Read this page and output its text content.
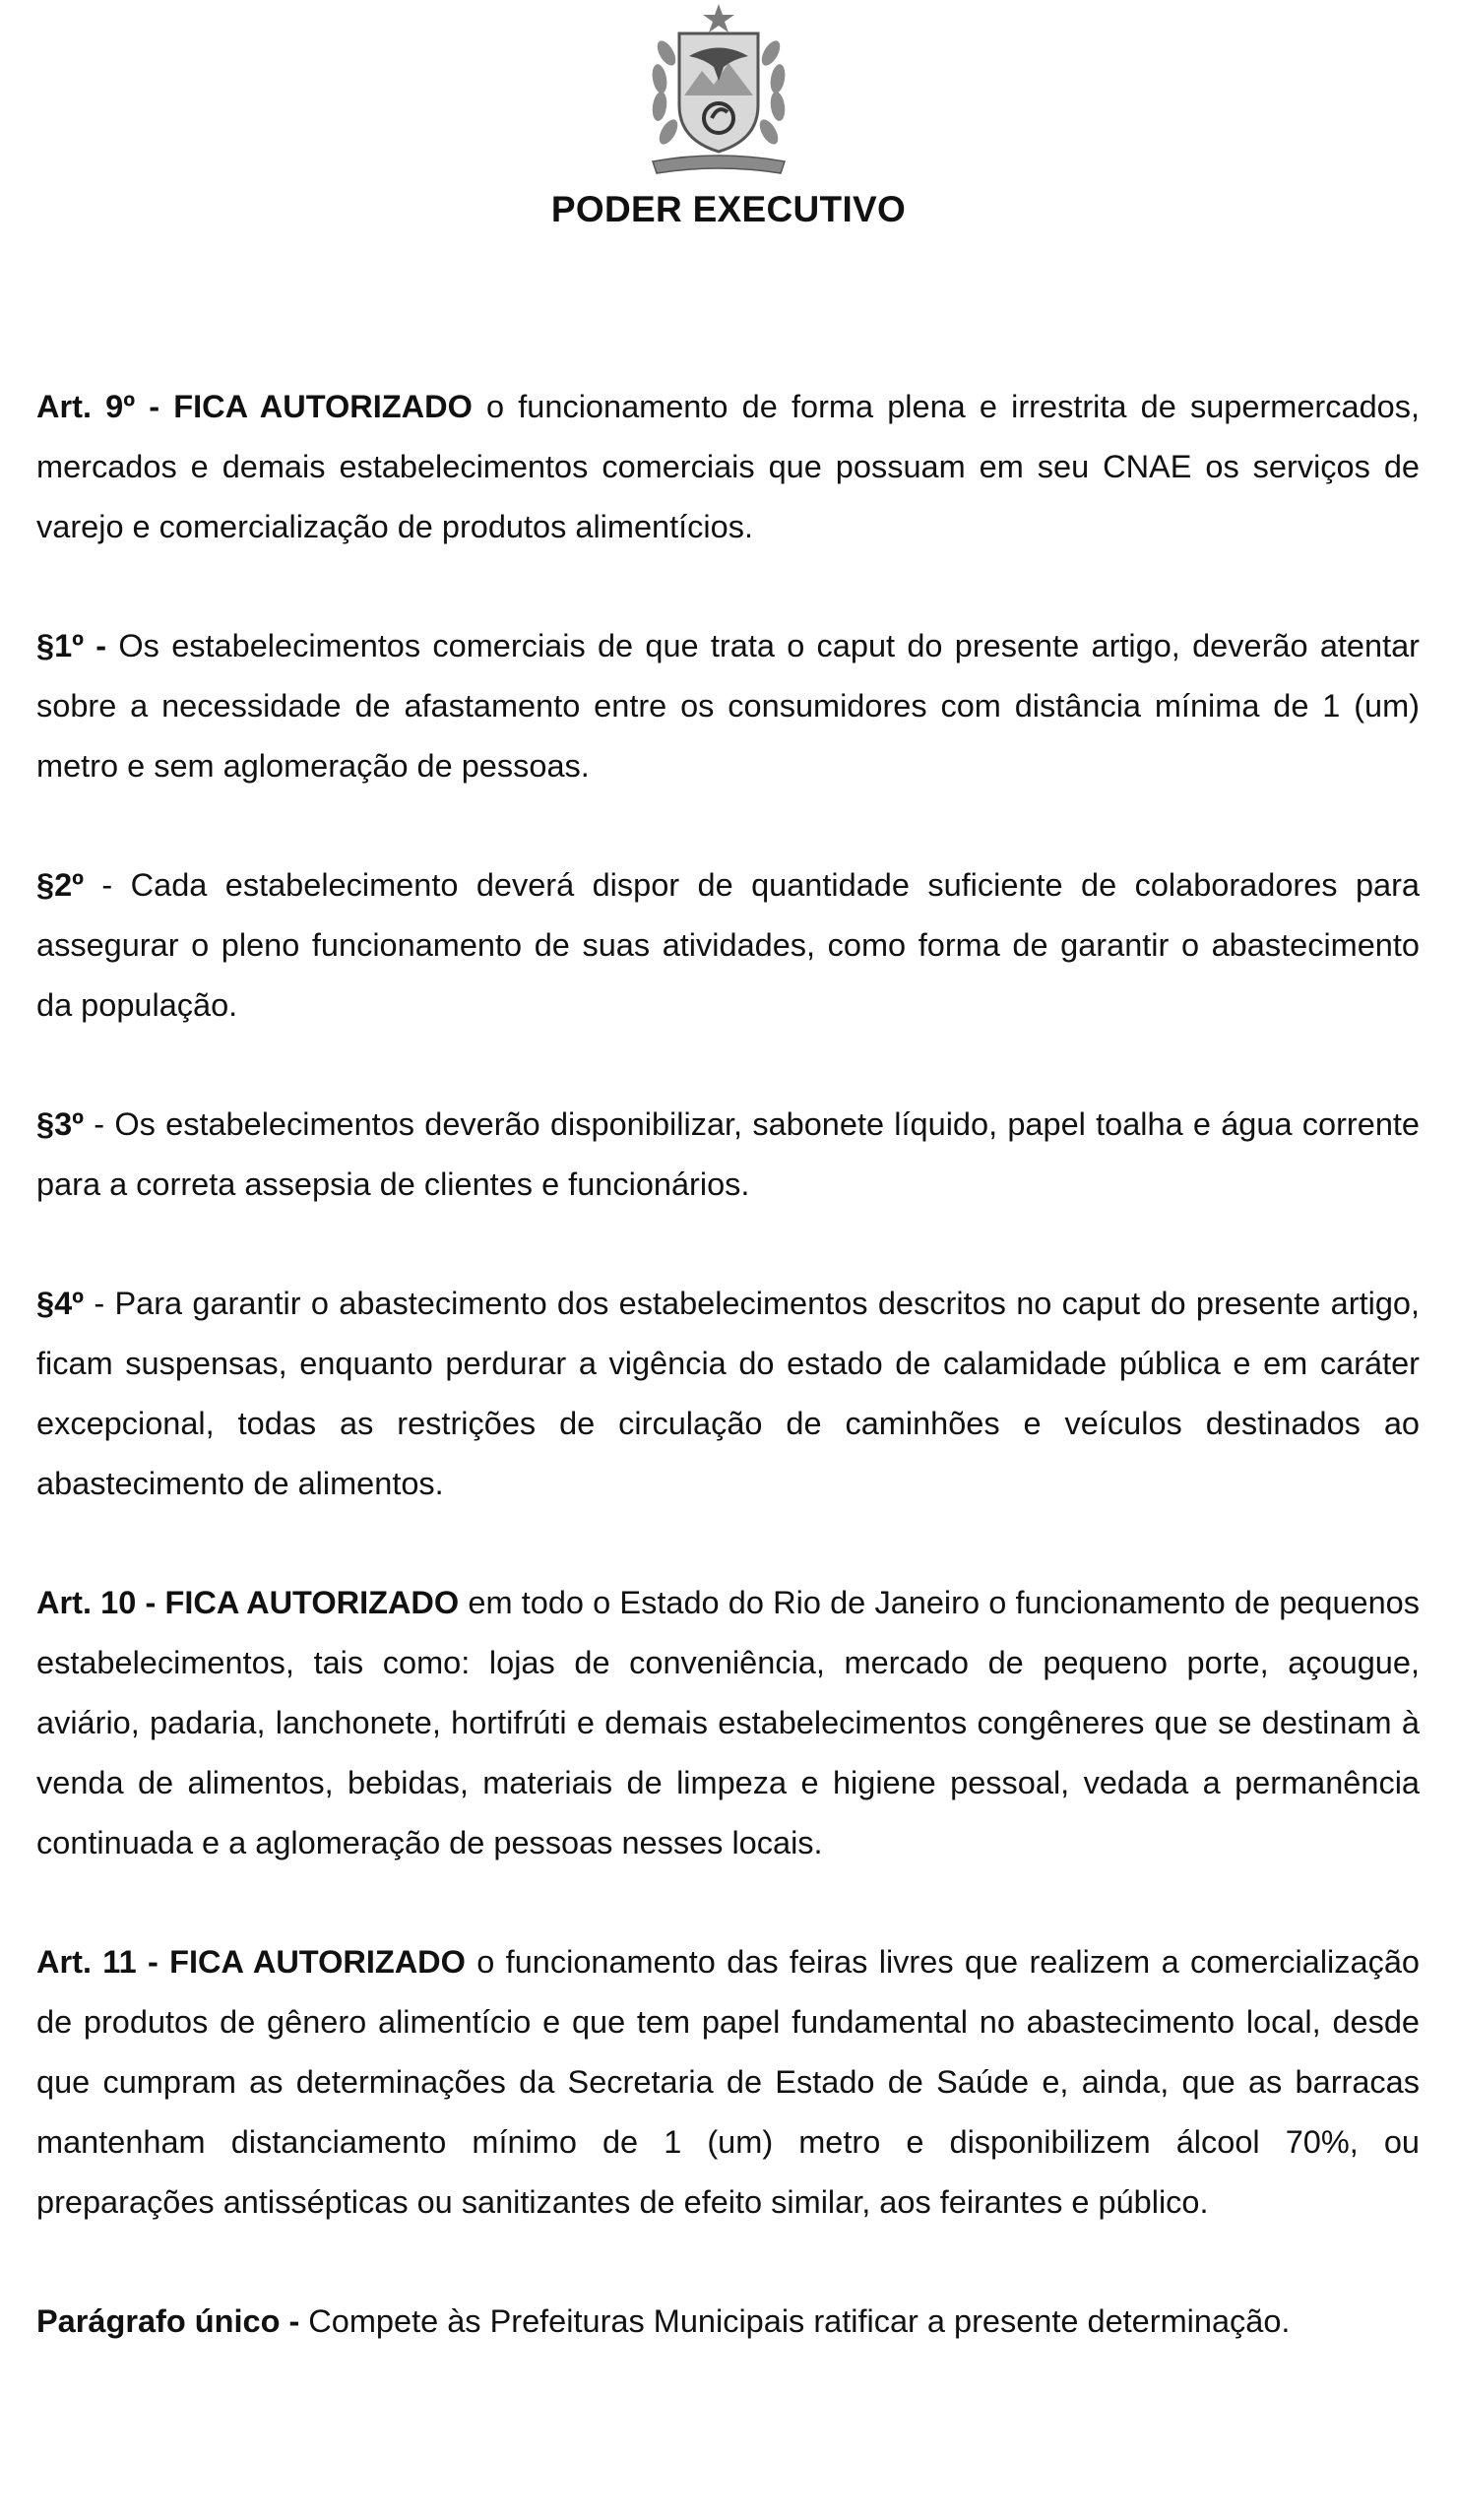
PODER EXECUTIVO

Art. 9º - FICA AUTORIZADO o funcionamento de forma plena e irrestrita de supermercados, mercados e demais estabelecimentos comerciais que possuam em seu CNAE os serviços de varejo e comercialização de produtos alimentícios.

§1º - Os estabelecimentos comerciais de que trata o caput do presente artigo, deverão atentar sobre a necessidade de afastamento entre os consumidores com distância mínima de 1 (um) metro e sem aglomeração de pessoas.

§2º - Cada estabelecimento deverá dispor de quantidade suficiente de colaboradores para assegurar o pleno funcionamento de suas atividades, como forma de garantir o abastecimento da população.

§3º - Os estabelecimentos deverão disponibilizar, sabonete líquido, papel toalha e água corrente para a correta assepsia de clientes e funcionários.

§4º - Para garantir o abastecimento dos estabelecimentos descritos no caput do presente artigo, ficam suspensas, enquanto perdurar a vigência do estado de calamidade pública e em caráter excepcional, todas as restrições de circulação de caminhões e veículos destinados ao abastecimento de alimentos.

Art. 10 - FICA AUTORIZADO em todo o Estado do Rio de Janeiro o funcionamento de pequenos estabelecimentos, tais como: lojas de conveniência, mercado de pequeno porte, açougue, aviário, padaria, lanchonete, hortifrúti e demais estabelecimentos congêneres que se destinam à venda de alimentos, bebidas, materiais de limpeza e higiene pessoal, vedada a permanência continuada e a aglomeração de pessoas nesses locais.

Art. 11 - FICA AUTORIZADO o funcionamento das feiras livres que realizem a comercialização de produtos de gênero alimentício e que tem papel fundamental no abastecimento local, desde que cumpram as determinações da Secretaria de Estado de Saúde e, ainda, que as barracas mantenham distanciamento mínimo de 1 (um) metro e disponibilizem álcool 70%, ou preparações antissépticas ou sanitizantes de efeito similar, aos feirantes e público.

Parágrafo único - Compete às Prefeituras Municipais ratificar a presente determinação.
